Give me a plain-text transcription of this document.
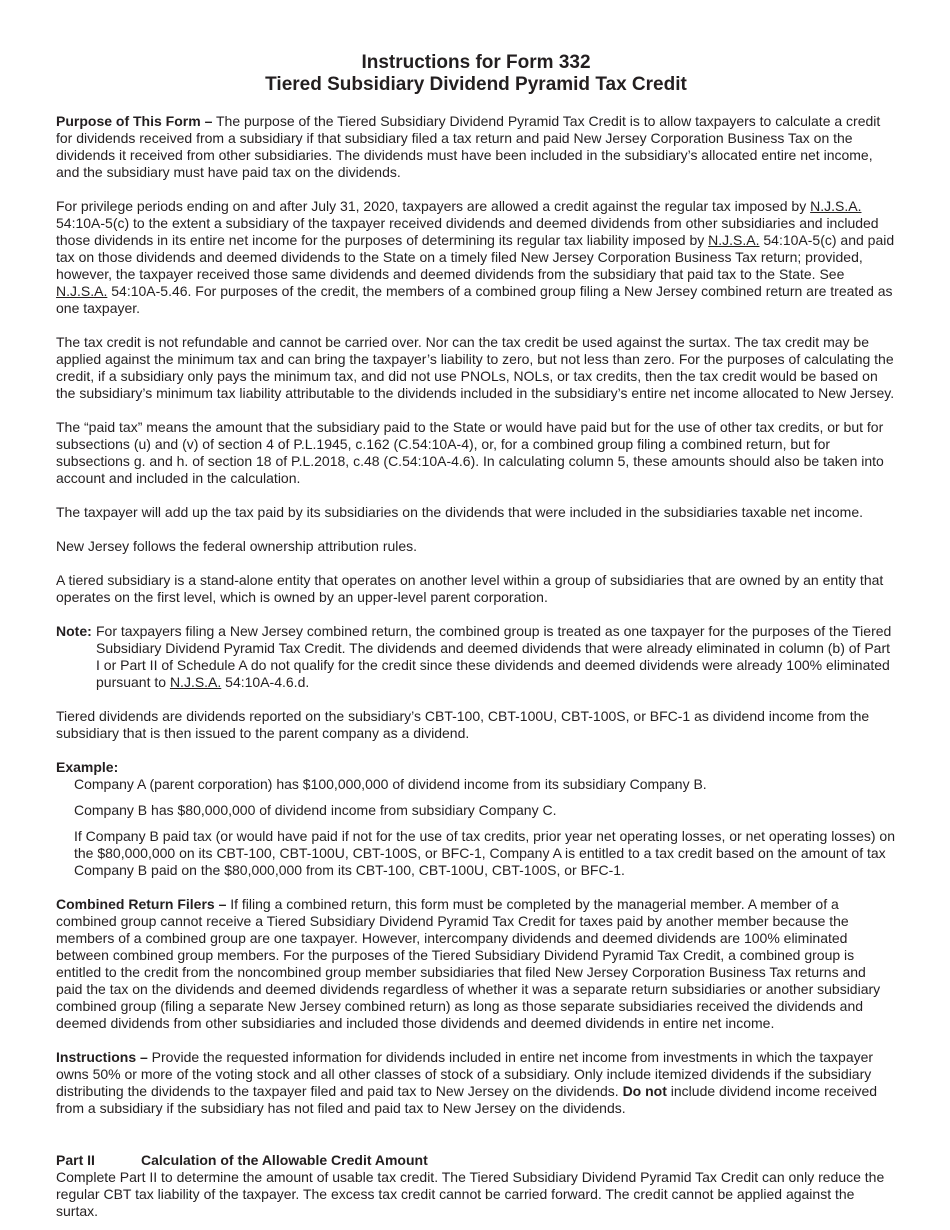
Instructions for Form 332
Tiered Subsidiary Dividend Pyramid Tax Credit

Purpose of This Form – The purpose of the Tiered Subsidiary Dividend Pyramid Tax Credit is to allow taxpayers to calculate a credit for dividends received from a subsidiary if that subsidiary filed a tax return and paid New Jersey Corporation Business Tax on the dividends it received from other subsidiaries. The dividends must have been included in the subsidiary’s allocated entire net income, and the subsidiary must have paid tax on the dividends.

For privilege periods ending on and after July 31, 2020, taxpayers are allowed a credit against the regular tax imposed by N.J.S.A. 54:10A-5(c) to the extent a subsidiary of the taxpayer received dividends and deemed dividends from other subsidiaries and included those dividends in its entire net income for the purposes of determining its regular tax liability imposed by N.J.S.A. 54:10A-5(c) and paid tax on those dividends and deemed dividends to the State on a timely filed New Jersey Corporation Business Tax return; provided, however, the taxpayer received those same dividends and deemed dividends from the subsidiary that paid tax to the State. See N.J.S.A. 54:10A-5.46. For purposes of the credit, the members of a combined group filing a New Jersey combined return are treated as one taxpayer.

The tax credit is not refundable and cannot be carried over. Nor can the tax credit be used against the surtax. The tax credit may be applied against the minimum tax and can bring the taxpayer’s liability to zero, but not less than zero. For the purposes of calculating the credit, if a subsidiary only pays the minimum tax, and did not use PNOLs, NOLs, or tax credits, then the tax credit would be based on the subsidiary’s minimum tax liability attributable to the dividends included in the subsidiary’s entire net income allocated to New Jersey.

The “paid tax” means the amount that the subsidiary paid to the State or would have paid but for the use of other tax credits, or but for subsections (u) and (v) of section 4 of P.L.1945, c.162 (C.54:10A-4), or, for a combined group filing a combined return, but for subsections g. and h. of section 18 of P.L.2018, c.48 (C.54:10A-4.6). In calculating column 5, these amounts should also be taken into account and included in the calculation.

The taxpayer will add up the tax paid by its subsidiaries on the dividends that were included in the subsidiaries taxable net income.

New Jersey follows the federal ownership attribution rules.

A tiered subsidiary is a stand-alone entity that operates on another level within a group of subsidiaries that are owned by an entity that operates on the first level, which is owned by an upper-level parent corporation.

Note: For taxpayers filing a New Jersey combined return, the combined group is treated as one taxpayer for the purposes of the Tiered Subsidiary Dividend Pyramid Tax Credit. The dividends and deemed dividends that were already eliminated in column (b) of Part I or Part II of Schedule A do not qualify for the credit since these dividends and deemed dividends were already 100% eliminated pursuant to N.J.S.A. 54:10A-4.6.d.

Tiered dividends are dividends reported on the subsidiary’s CBT-100, CBT-100U, CBT-100S, or BFC-1 as dividend income from the subsidiary that is then issued to the parent company as a dividend.

Example:

Company A (parent corporation) has $100,000,000 of dividend income from its subsidiary Company B.

Company B has $80,000,000 of dividend income from subsidiary Company C.

If Company B paid tax (or would have paid if not for the use of tax credits, prior year net operating losses, or net operating losses) on the $80,000,000 on its CBT-100, CBT-100U, CBT-100S, or BFC-1, Company A is entitled to a tax credit based on the amount of tax Company B paid on the $80,000,000 from its CBT-100, CBT-100U, CBT-100S, or BFC-1.

Combined Return Filers – If filing a combined return, this form must be completed by the managerial member. A member of a combined group cannot receive a Tiered Subsidiary Dividend Pyramid Tax Credit for taxes paid by another member because the members of a combined group are one taxpayer. However, intercompany dividends and deemed dividends are 100% eliminated between combined group members. For the purposes of the Tiered Subsidiary Dividend Pyramid Tax Credit, a combined group is entitled to the credit from the noncombined group member subsidiaries that filed New Jersey Corporation Business Tax returns and paid the tax on the dividends and deemed dividends regardless of whether it was a separate return subsidiaries or another subsidiary combined group (filing a separate New Jersey combined return) as long as those separate subsidiaries received the dividends and deemed dividends from other subsidiaries and included those dividends and deemed dividends in entire net income.

Instructions – Provide the requested information for dividends included in entire net income from investments in which the taxpayer owns 50% or more of the voting stock and all other classes of stock of a subsidiary. Only include itemized dividends if the subsidiary distributing the dividends to the taxpayer filed and paid tax to New Jersey on the dividends. Do not include dividend income received from a subsidiary if the subsidiary has not filed and paid tax to New Jersey on the dividends.

Part II	Calculation of the Allowable Credit Amount

Complete Part II to determine the amount of usable tax credit. The Tiered Subsidiary Dividend Pyramid Tax Credit can only reduce the regular CBT tax liability of the taxpayer. The excess tax credit cannot be carried forward. The credit cannot be applied against the surtax.
